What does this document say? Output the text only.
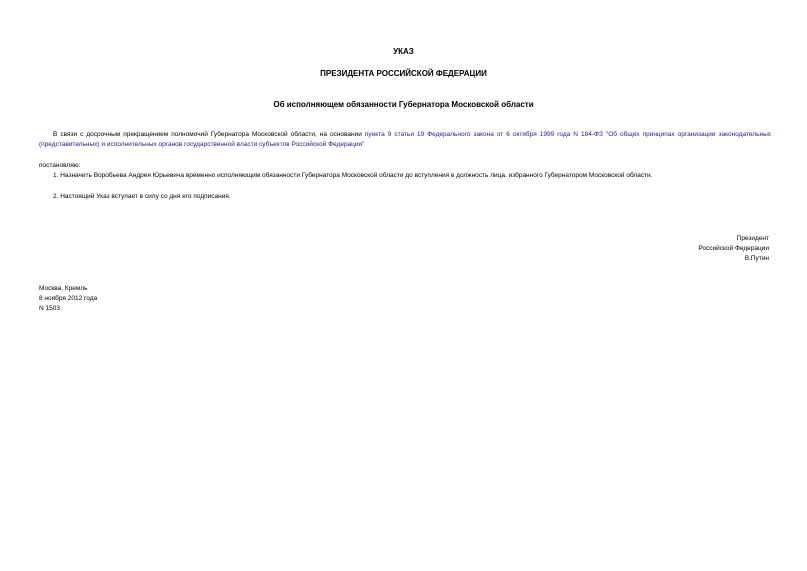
УКАЗ
ПРЕЗИДЕНТА РОССИЙСКОЙ ФЕДЕРАЦИИ
Об исполняющем обязанности Губернатора Московской области
В связи с досрочным прекращением полномочий Губернатора Московской области, на основании пункта 9 статьи 19 Федерального закона от 6 октября 1999 года N 184-ФЗ "Об общих принципах организации законодательных (представительных) и исполнительных органов государственной власти субъектов Российской Федерации"
постановляю:
1. Назначить Воробьева Андрея Юрьевича временно исполняющим обязанности Губернатора Московской области до вступления в должность лица, избранного Губернатором Московской области.
2. Настоящий Указ вступает в силу со дня его подписания.
Президент
Российской Федерации
В.Путин
Москва, Кремль
8 ноября 2012 года
N 1503
